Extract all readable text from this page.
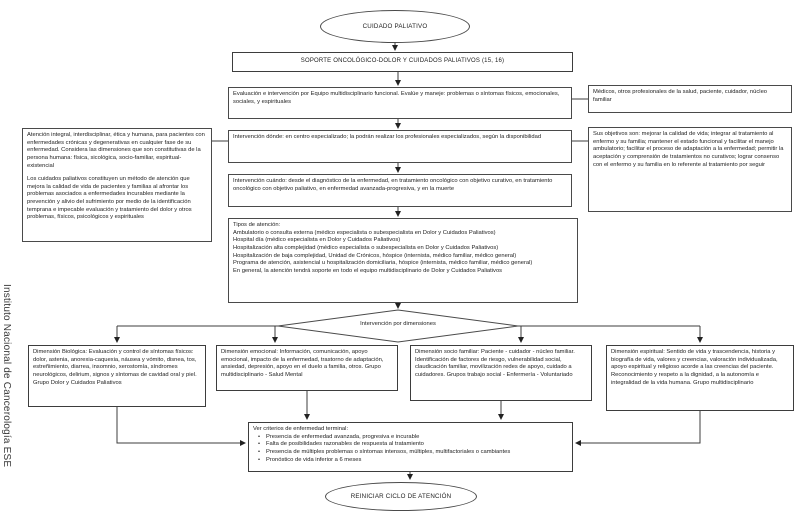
Instituto Nacional de Cancerología ESE
CUIDADO PALIATIVO
SOPORTE ONCOLÓGICO-DOLOR Y CUIDADOS PALIATIVOS (15, 16)
Evaluación e intervención por Equipo multidisciplinario funcional. Evalúe y maneje: problemas o síntomas físicos, emocionales, sociales, y espirituales
Médicos, otros profesionales de la salud, paciente, cuidador, núcleo familiar
Intervención dónde: en centro especializado; la podrán realizar los profesionales especializados, según la disponibilidad
Atención integral, interdisciplinar, ética y humana, para pacientes con enfermedades crónicas y degenerativas en cualquier fase de su enfermedad. Considera las dimensiones que son constitutivas de la persona humana: física, sicológica, socio-familiar, espiritual-existencial
Los cuidados paliativos constituyen un método de atención que mejora la calidad de vida de pacientes y familias al afrontar los problemas asociados a enfermedades incurables mediante la prevención y alivio del sufrimiento por medio de la identificación temprana e impecable evaluación y tratamiento del dolor y otros problemas, físicos, psicológicos y espirituales
Sus objetivos son: mejorar la calidad de vida; integrar al tratamiento al enfermo y su familia; mantener el estado funcional y facilitar el manejo ambulatorio; facilitar el proceso de adaptación a la enfermedad; permitir la aceptación y comprensión de tratamientos no curativos; lograr consenso con el enfermo y su familia en lo referente al tratamiento por seguir
Intervención cuándo: desde el diagnóstico de la enfermedad, en tratamiento oncológico con objetivo curativo, en tratamiento oncológico con objetivo paliativo, en enfermedad avanzada-progresiva, y en la muerte
Tipos de atención:
Ambulatorio o consulta externa (médico especialista o subespecialista en Dolor y Cuidados Paliativos)
Hospital día (médico especialista en Dolor y Cuidados Paliativos)
Hospitalización alta complejidad (médico especialista o subespecialista en Dolor y Cuidados Paliativos)
Hospitalización de baja complejidad, Unidad de Crónicos, hóspice (internista, médico familiar, médico general)
Programa de atención, asistencial u hospitalización domiciliaria, hóspice (internista, médico familiar, médico general)
En general, la atención tendrá soporte en todo el equipo multidisciplinario de Dolor y Cuidados Paliativos
Intervención por dimensiones
Dimensión Biológica: Evaluación y control de síntomas físicos: dolor, astenia, anorexia-caquexia, náusea y vómito, disnea, tos, estreñimiento, diarrea, insomnio, xerostomía, síndromes neurológicos, delirium, signos y síntomas de cavidad oral y piel. Grupo Dolor y Cuidados Paliativos
Dimensión emocional: Información, comunicación, apoyo emocional, impacto de la enfermedad, trastorno de adaptación, ansiedad, depresión, apoyo en el duelo a familia, otros. Grupo multidisciplinario - Salud Mental
Dimensión socio familiar: Paciente - cuidador - núcleo familiar. Identificación de factores de riesgo, vulnerabilidad social, claudicación familiar, movilización redes de apoyo, cuidado a cuidadores. Grupos trabajo social - Enfermería - Voluntariado
Dimensión espiritual: Sentido de vida y trascendencia, historia y biografía de vida, valores y creencias, valoración individualizada, apoyo espiritual y religioso acorde a las creencias del paciente. Reconocimiento y respeto a la dignidad, a la autonomía e integralidad de la vida humana. Grupo multidisciplinario
Ver criterios de enfermedad terminal:
• Presencia de enfermedad avanzada, progresiva e incurable
• Falta de posibilidades razonables de respuesta al tratamiento
• Presencia de múltiples problemas o síntomas intensos, múltiples, multifactoriales o cambiantes
• Pronóstico de vida inferior a 6 meses
REINICIAR CICLO DE ATENCIÓN
